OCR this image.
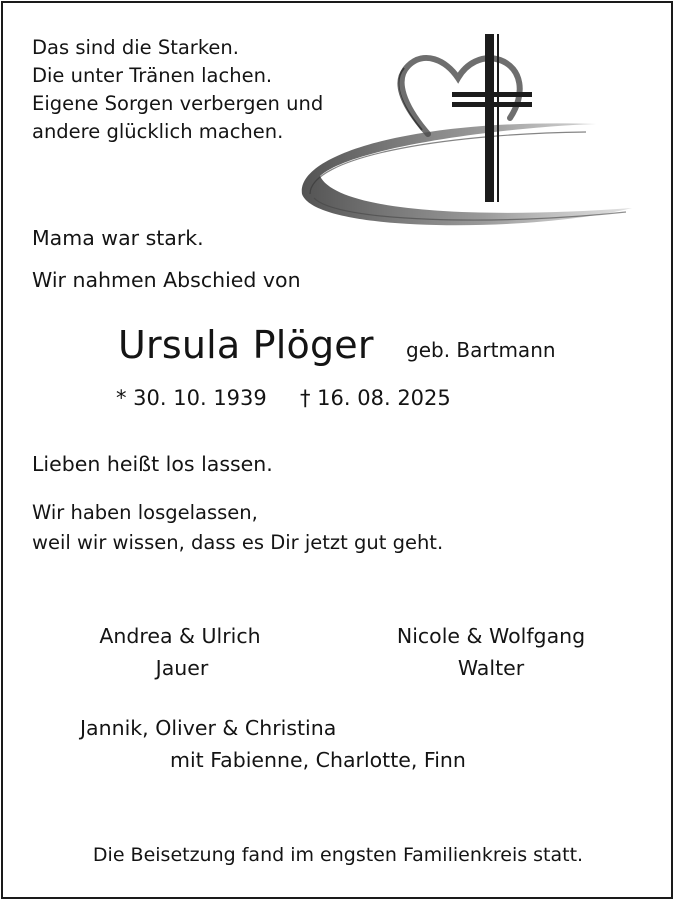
Das sind die Starken.
Die unter Tränen lachen.
Eigene Sorgen verbergen und
andere glücklich machen.
Mama war stark.
Wir nahmen Abschied von
Ursula Plöger geb. Bartmann
* 30. 10. 1939 † 16. 08. 2025
Lieben heißt los lassen.
Wir haben losgelassen,
weil wir wissen, dass es Dir jetzt gut geht.
Andrea & Ulrich
Jauer
Nicole & Wolfgang
Walter
Jannik, Oliver & Christina
mit Fabienne, Charlotte, Finn
Die Beisetzung fand im engsten Familienkreis statt.
